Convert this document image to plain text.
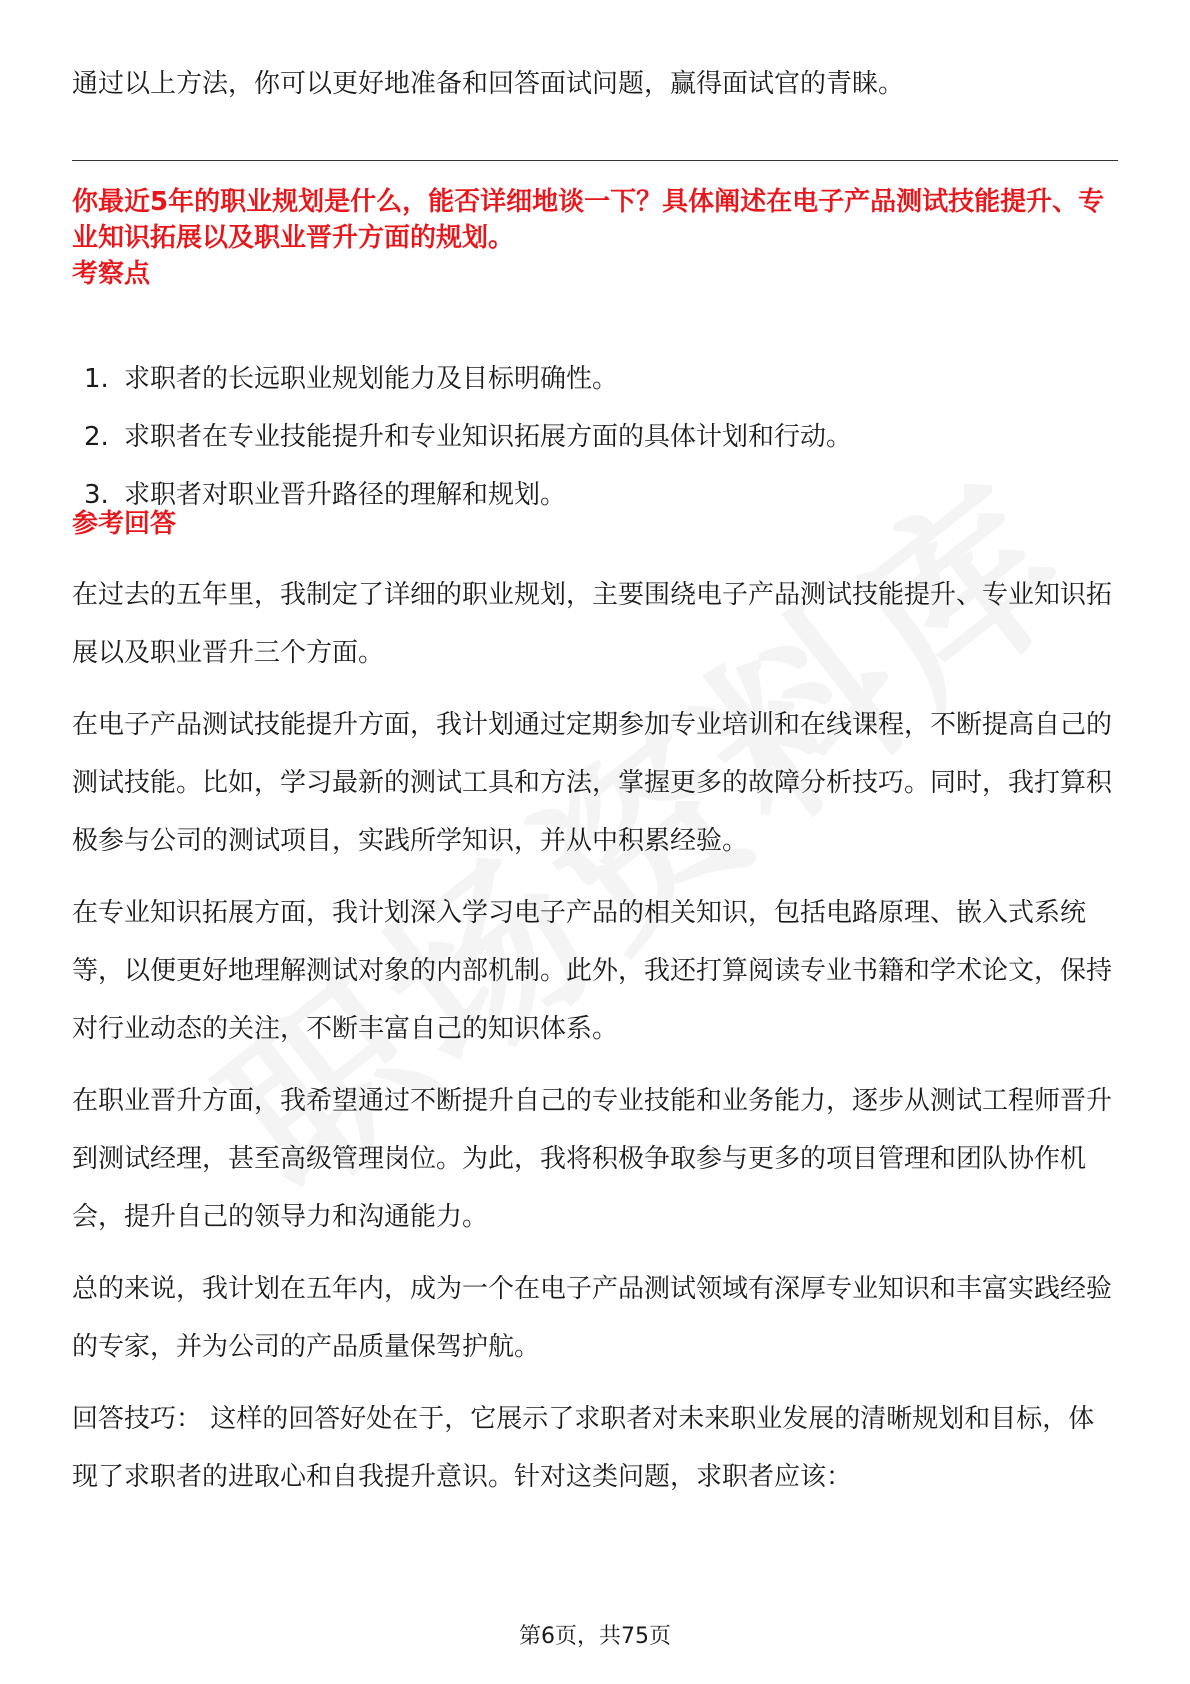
通过以上方法，你可以更好地准备和回答面试问题，赢得面试官的青睐。

你最近5年的职业规划是什么，能否详细地谈一下？具体阐述在电子产品测试技能提升、专业知识拓展以及职业晋升方面的规划。

考察点

1. 求职者的长远职业规划能力及目标明确性。
2. 求职者在专业技能提升和专业知识拓展方面的具体计划和行动。
3. 求职者对职业晋升路径的理解和规划。

参考回答

在过去的五年里，我制定了详细的职业规划，主要围绕电子产品测试技能提升、专业知识拓展以及职业晋升三个方面。

在电子产品测试技能提升方面，我计划通过定期参加专业培训和在线课程，不断提高自己的测试技能。比如，学习最新的测试工具和方法，掌握更多的故障分析技巧。同时，我打算积极参与公司的测试项目，实践所学知识，并从中积累经验。

在专业知识拓展方面，我计划深入学习电子产品的相关知识，包括电路原理、嵌入式系统等，以便更好地理解测试对象的内部机制。此外，我还打算阅读专业书籍和学术论文，保持对行业动态的关注，不断丰富自己的知识体系。

在职业晋升方面，我希望通过不断提升自己的专业技能和业务能力，逐步从测试工程师晋升到测试经理，甚至高级管理岗位。为此，我将积极争取参与更多的项目管理和团队协作机会，提升自己的领导力和沟通能力。

总的来说，我计划在五年内，成为一个在电子产品测试领域有深厚专业知识和丰富实践经验的专家，并为公司的产品质量保驾护航。

回答技巧： 这样的回答好处在于，它展示了求职者对未来职业发展的清晰规划和目标，体现了求职者的进取心和自我提升意识。针对这类问题，求职者应该：

第6页，共75页
